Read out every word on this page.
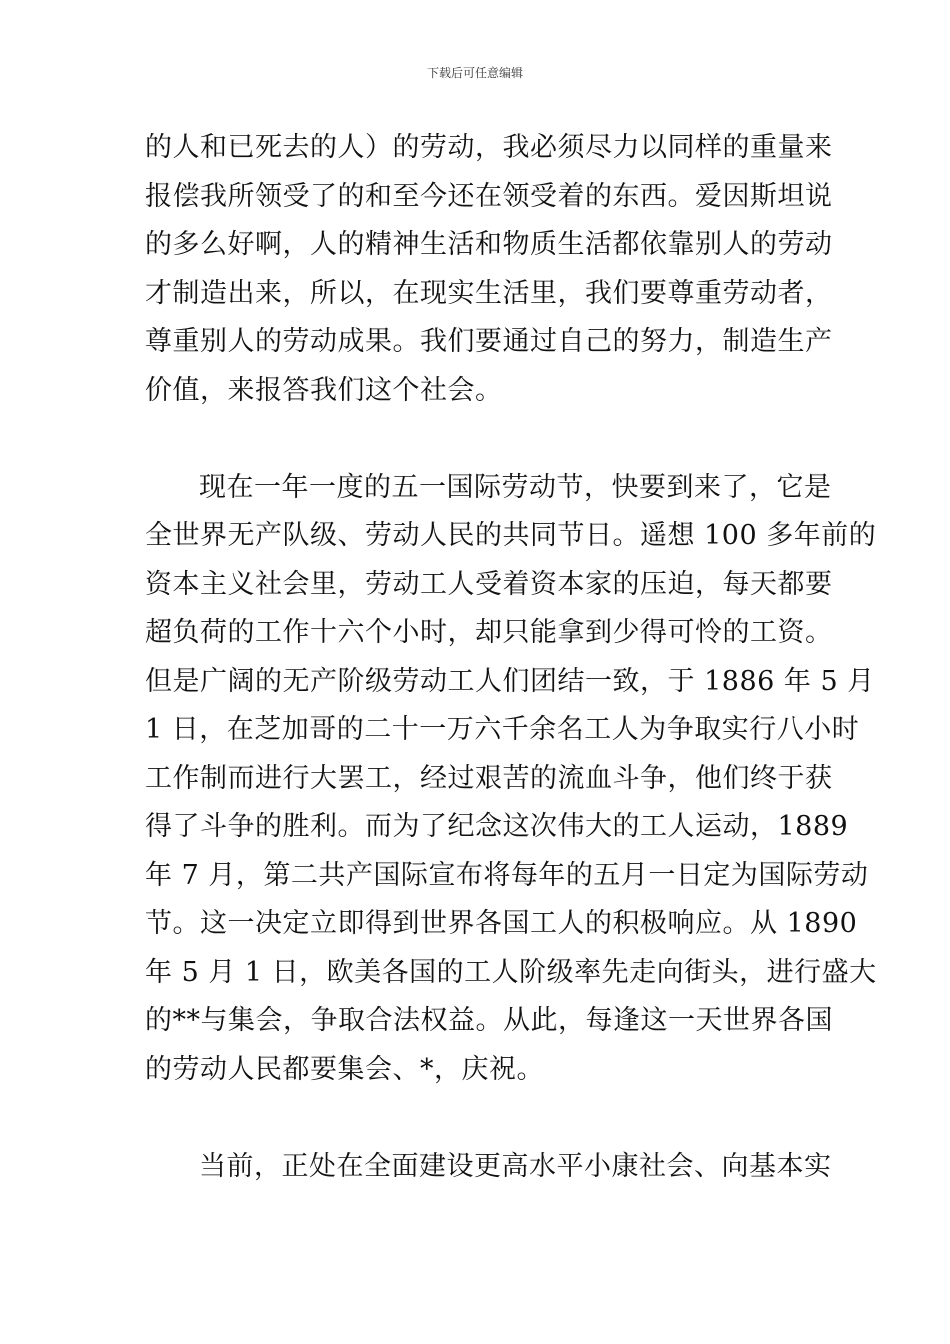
下载后可任意编辑
的人和已死去的人）的劳动，我必须尽力以同样的重量来
报偿我所领受了的和至今还在领受着的东西。爱因斯坦说
的多么好啊，人的精神生活和物质生活都依靠别人的劳动
才制造出来，所以，在现实生活里，我们要尊重劳动者，
尊重别人的劳动成果。我们要通过自己的努力，制造生产
价值，来报答我们这个社会。
现在一年一度的五一国际劳动节，快要到来了，它是
全世界无产队级、劳动人民的共同节日。遥想 100 多年前的
资本主义社会里，劳动工人受着资本家的压迫，每天都要
超负荷的工作十六个小时，却只能拿到少得可怜的工资。
但是广阔的无产阶级劳动工人们团结一致，于 1886 年 5 月
1 日，在芝加哥的二十一万六千余名工人为争取实行八小时
工作制而进行大罢工，经过艰苦的流血斗争，他们终于获
得了斗争的胜利。而为了纪念这次伟大的工人运动，1889
年 7 月，第二共产国际宣布将每年的五月一日定为国际劳动
节。这一决定立即得到世界各国工人的积极响应。从 1890
年 5 月 1 日，欧美各国的工人阶级率先走向街头，进行盛大
的**与集会，争取合法权益。从此，每逢这一天世界各国
的劳动人民都要集会、*，庆祝。
当前，正处在全面建设更高水平小康社会、向基本实
